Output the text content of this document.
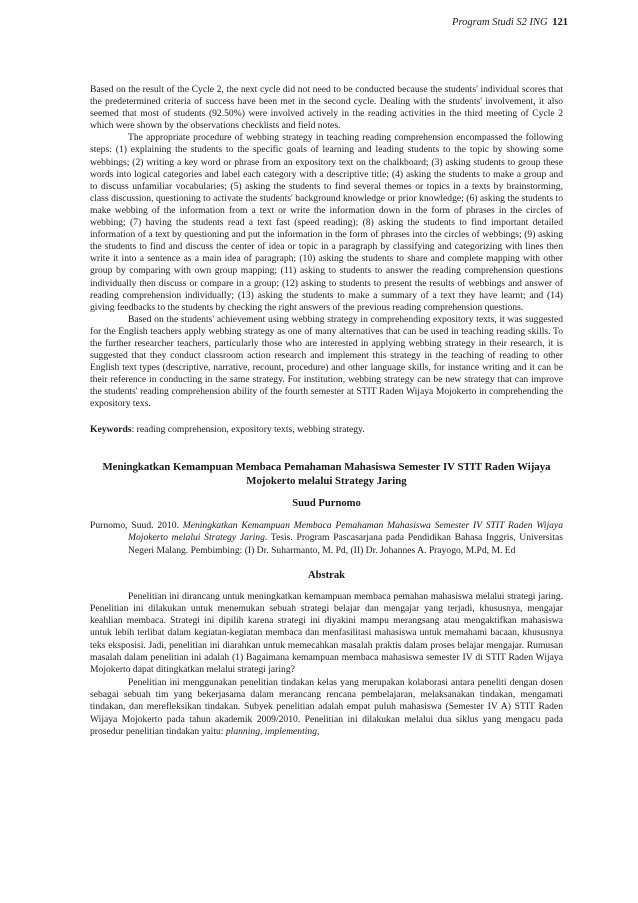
Program Studi S2 ING 121

Based on the result of the Cycle 2, the next cycle did not need to be conducted because the students' individual scores that the predetermined criteria of success have been met in the second cycle. Dealing with the students' involvement, it also seemed that most of students (92.50%) were involved actively in the reading activities in the third meeting of Cycle 2 which were shown by the observations checklists and field notes.

The appropriate procedure of webbing strategy in teaching reading comprehension encompassed the following steps: (1) explaining the students to the specific goals of learning and leading students to the topic by showing some webbings; (2) writing a key word or phrase from an expository text on the chalkboard; (3) asking students to group these words into logical categories and label each category with a descriptive title; (4) asking the students to make a group and to discuss unfamiliar vocabularies; (5) asking the students to find several themes or topics in a texts by brainstorming, class discussion, questioning to activate the students' background knowledge or prior knowledge; (6) asking the students to make webbing of the information from a text or write the information down in the form of phrases in the circles of webbing; (7) having the students read a text fast (speed reading); (8) asking the students to find important detailed information of a text by questioning and put the information in the form of phrases into the circles of webbings; (9) asking the students to find and discuss the center of idea or topic in a paragraph by classifying and categorizing with lines then write it into a sentence as a main idea of paragraph; (10) asking the students to share and complete mapping with other group by comparing with own group mapping; (11) asking to students to answer the reading comprehension questions individually then discuss or compare in a group; (12) asking to students to present the results of webbings and answer of reading comprehension individually; (13) asking the students to make a summary of a text they have learnt; and (14) giving feedbacks to the students by checking the right answers of the previous reading comprehension questions.

Based on the students' achievement using webbing strategy in comprehending expository texts, it was suggested for the English teachers apply webbing strategy as one of many alternatives that can be used in teaching reading skills. To the further researcher teachers, particularly those who are interested in applying webbing strategy in their research, it is suggested that they conduct classroom action research and implement this strategy in the teaching of reading to other English text types (descriptive, narrative, recount, procedure) and other language skills, for instance writing and it can be their reference in conducting in the same strategy. For institution, webbing strategy can be new strategy that can improve the students' reading comprehension ability of the fourth semester at STIT Raden Wijaya Mojokerto in comprehending the expository texs.

Keywords: reading comprehension, expository texts, webbing strategy.

Meningkatkan Kemampuan Membaca Pemahaman Mahasiswa Semester IV STIT Raden Wijaya Mojokerto melalui Strategy Jaring
Suud Purnomo

Purnomo, Suud. 2010. Meningkatkan Kemampuan Membaca Pemahaman Mahasiswa Semester IV STIT Raden Wijaya Mojokerto melalui Strategy Jaring. Tesis. Program Pascasarjana pada Pendidikan Bahasa Inggris, Universitas Negeri Malang. Pembimbing: (I) Dr. Suharmanto, M. Pd, (II) Dr. Johannes A. Prayogo, M.Pd, M. Ed

Abstrak

Penelitian ini dirancang untuk meningkatkan kemampuan membaca pemahan mahasiswa melalui strategi jaring. Penelitian ini dilakukan untuk menemukan sebuah strategi belajar dan mengajar yang terjadi, khususnya, mengajar keahlian membaca. Strategi ini dipilih karena strategi ini diyakini mampu merangsang atau mengaktifkan mahasiswa untuk lebih terlibat dalam kegiatan-kegiatan membaca dan menfasilitasi mahasiswa untuk memahami bacaan, khususnya teks eksposisi. Jadi, penelitian ini diarahkan untuk memecahkan masalah praktis dalam proses belajar mengajar. Rumusan masalah dalam penelitian ini adalah (1) Bagaimana kemampuan membaca mahasiswa semester IV di STIT Raden Wijaya Mojokerto dapat ditingkatkan melalui strategi jaring?

Penelitian ini menggunakan penelitian tindakan kelas yang merupakan kolaborasi antara peneliti dengan dosen sebagai sebuah tim yang bekerjasama dalam merancang rencana pembelajaran, melaksanakan tindakan, mengamati tindakan, dan merefleksikan tindakan. Subyek penelitian adalah empat puluh mahasiswa (Semester IV A) STIT Raden Wijaya Mojokerto pada tahun akademik 2009/2010. Penelitian ini dilakukan melalui dua siklus yang mengacu pada prosedur penelitian tindakan yaitu: planning, implementing,
